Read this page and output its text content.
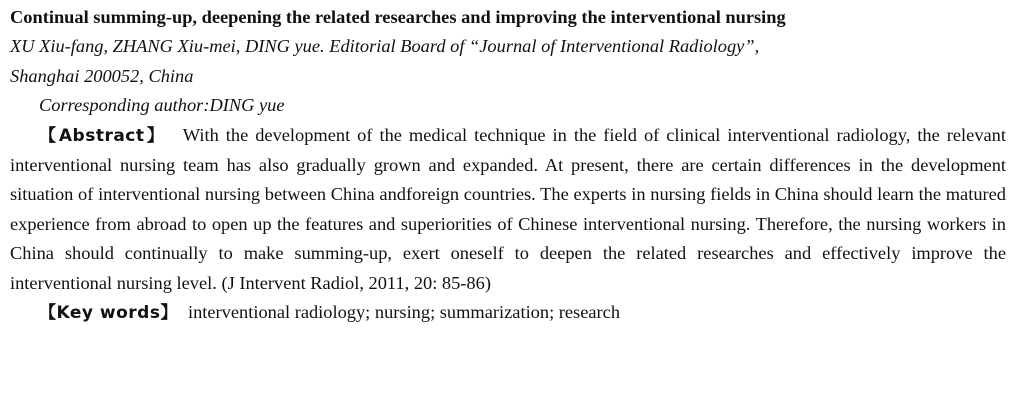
Continual summing-up, deepening the related researches and improving the interventional nursing
XU Xiu-fang, ZHANG Xiu-mei, DING yue. Editorial Board of “Journal of Interventional Radiology”,
Shanghai 200052, China
Corresponding author:DING yue
【Abstract】 With the development of the medical technique in the field of clinical interventional radiology, the relevant interventional nursing team has also gradually grown and expanded. At present, there are certain differences in the development situation of interventional nursing between China andforeign countries. The experts in nursing fields in China should learn the matured experience from abroad to open up the features and superiorities of Chinese interventional nursing. Therefore, the nursing workers in China should continually to make summing-up, exert oneself to deepen the related researches and effectively improve the interventional nursing level. (J Intervent Radiol, 2011, 20: 85-86)
【Key words】 interventional radiology; nursing; summarization; research
